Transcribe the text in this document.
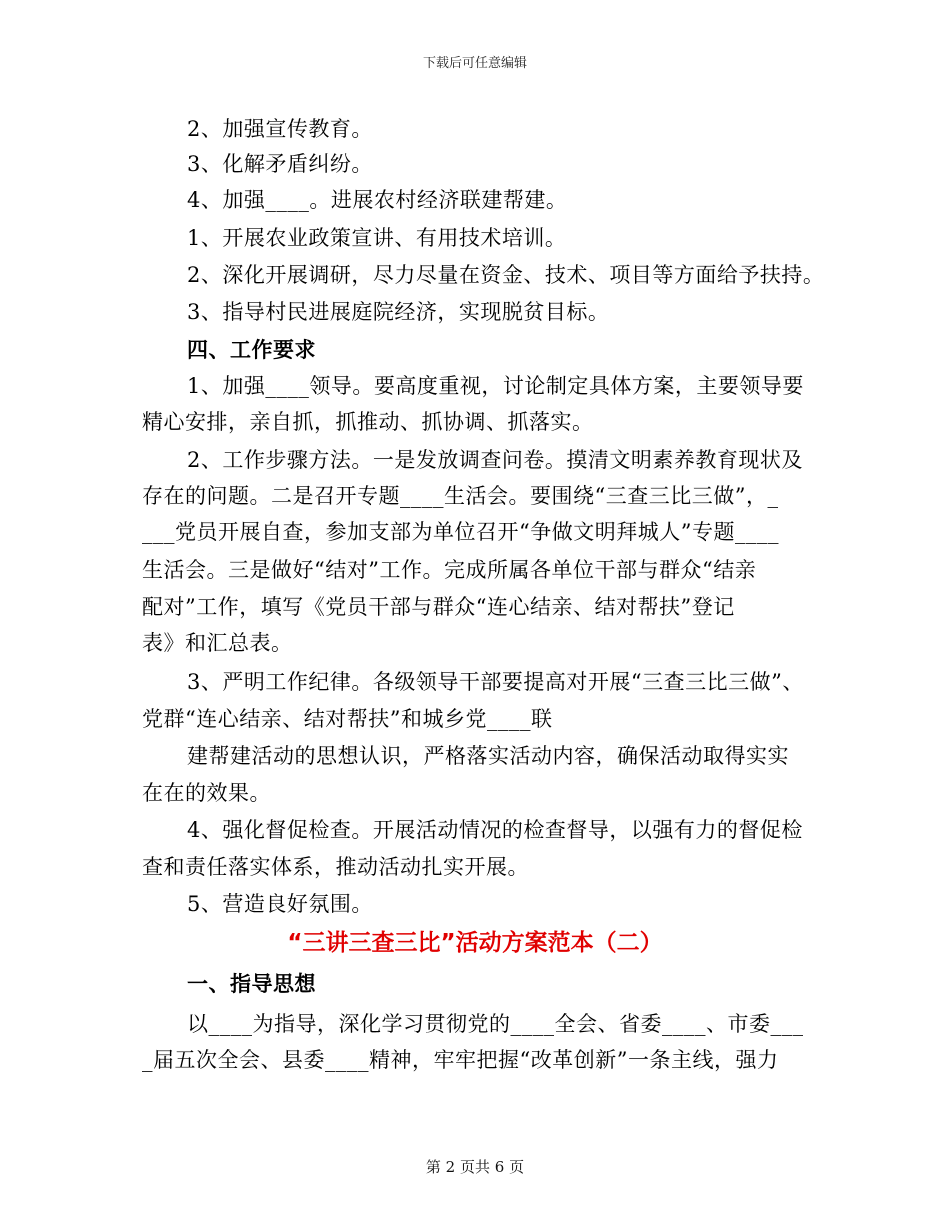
下载后可任意编辑
2、加强宣传教育。
3、化解矛盾纠纷。
4、加强____。进展农村经济联建帮建。
1、开展农业政策宣讲、有用技术培训。
2、深化开展调研，尽力尽量在资金、技术、项目等方面给予扶持。
3、指导村民进展庭院经济，实现脱贫目标。
四、工作要求
1、加强____领导。要高度重视，讨论制定具体方案，主要领导要
精心安排，亲自抓，抓推动、抓协调、抓落实。
2、工作步骤方法。一是发放调查问卷。摸清文明素养教育现状及
存在的问题。二是召开专题____生活会。要围绕“三查三比三做”，_
___党员开展自查，参加支部为单位召开“争做文明拜城人”专题____
生活会。三是做好“结对”工作。完成所属各单位干部与群众“结亲
配对”工作，填写《党员干部与群众“连心结亲、结对帮扶”登记
表》和汇总表。
3、严明工作纪律。各级领导干部要提高对开展“三查三比三做”、
党群“连心结亲、结对帮扶”和城乡党____联
建帮建活动的思想认识，严格落实活动内容，确保活动取得实实
在在的效果。
4、强化督促检查。开展活动情况的检查督导，以强有力的督促检
查和责任落实体系，推动活动扎实开展。
5、营造良好氛围。
“三讲三查三比”活动方案范本（二）
一、指导思想
以____为指导，深化学习贯彻党的____全会、省委____、市委___
_届五次全会、县委____精神，牢牢把握“改革创新”一条主线，强力
第 2 页共 6 页
